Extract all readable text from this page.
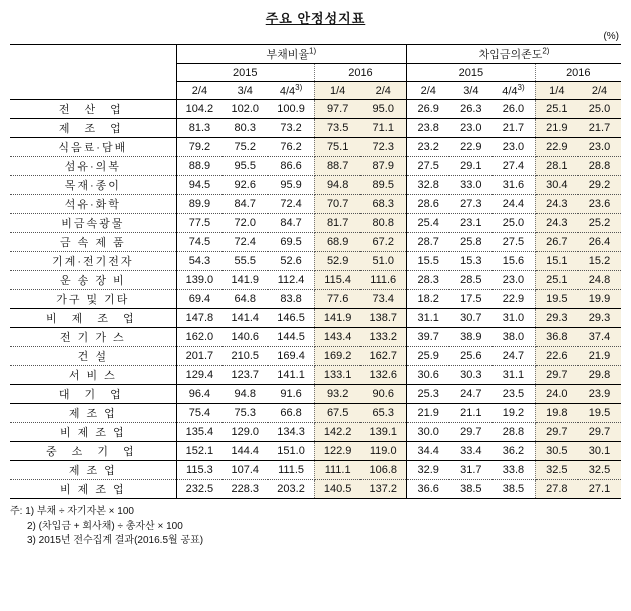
주요 안정성지표
(%)
	부채비율$^{1)}$					차입금의존도$^{2)}$
	2015			2016		2015			2016	
	2/4	3/4	4/4$^{3)}$	1/4	2/4	2/4	3/4	4/4$^{3)}$	1/4	2/4
전 산 업	104.2	102.0	100.9	97.7	95.0	26.9	26.3	26.0	25.1	25.0
제 조 업	81.3	80.3	73.2	73.5	71.1	23.8	23.0	21.7	21.9	21.7
식음료·담배	79.2	75.2	76.2	75.1	72.3	23.2	22.9	23.0	22.9	23.0
섬유·의복	88.9	95.5	86.6	88.7	87.9	27.5	29.1	27.4	28.1	28.8
목재·종이	94.5	92.6	95.9	94.8	89.5	32.8	33.0	31.6	30.4	29.2
석유·화학	89.9	84.7	72.4	70.7	68.3	28.6	27.3	24.4	24.3	23.6
비금속광물	77.5	72.0	84.7	81.7	80.8	25.4	23.1	25.0	24.3	25.2
금 속 제 품	74.5	72.4	69.5	68.9	67.2	28.7	25.8	27.5	26.7	26.4
기계·전기전자	54.3	55.5	52.6	52.9	51.0	15.5	15.3	15.6	15.1	15.2
운 송 장 비	139.0	141.9	112.4	115.4	111.6	28.3	28.5	23.0	25.1	24.8
가구 및 기타	69.4	64.8	83.8	77.6	73.4	18.2	17.5	22.9	19.5	19.9
비 제 조 업	147.8	141.4	146.5	141.9	138.7	31.1	30.7	31.0	29.3	29.3
전 기 가 스	162.0	140.6	144.5	143.4	133.2	39.7	38.9	38.0	36.8	37.4
건 설	201.7	210.5	169.4	169.2	162.7	25.9	25.6	24.7	22.6	21.9
서 비 스	129.4	123.7	141.1	133.1	132.6	30.6	30.3	31.1	29.7	29.8
대 기 업	96.4	94.8	91.6	93.2	90.6	25.3	24.7	23.5	24.0	23.9
제 조 업	75.4	75.3	66.8	67.5	65.3	21.9	21.1	19.2	19.8	19.5
비 제 조 업	135.4	129.0	134.3	142.2	139.1	30.0	29.7	28.8	29.7	29.7
중 소 기 업	152.1	144.4	151.0	122.9	119.0	34.4	33.4	36.2	30.5	30.1
제 조 업	115.3	107.4	111.5	111.1	106.8	32.9	31.7	33.8	32.5	32.5
비 제 조 업	232.5	228.3	203.2	140.5	137.2	36.6	38.5	38.5	27.8	27.1
주: 1) 부채 ÷ 자기자본 × 100
2) (차입금 + 회사채) ÷ 총자산 × 100
3) 2015년 전수집계 결과(2016.5월 공표)
